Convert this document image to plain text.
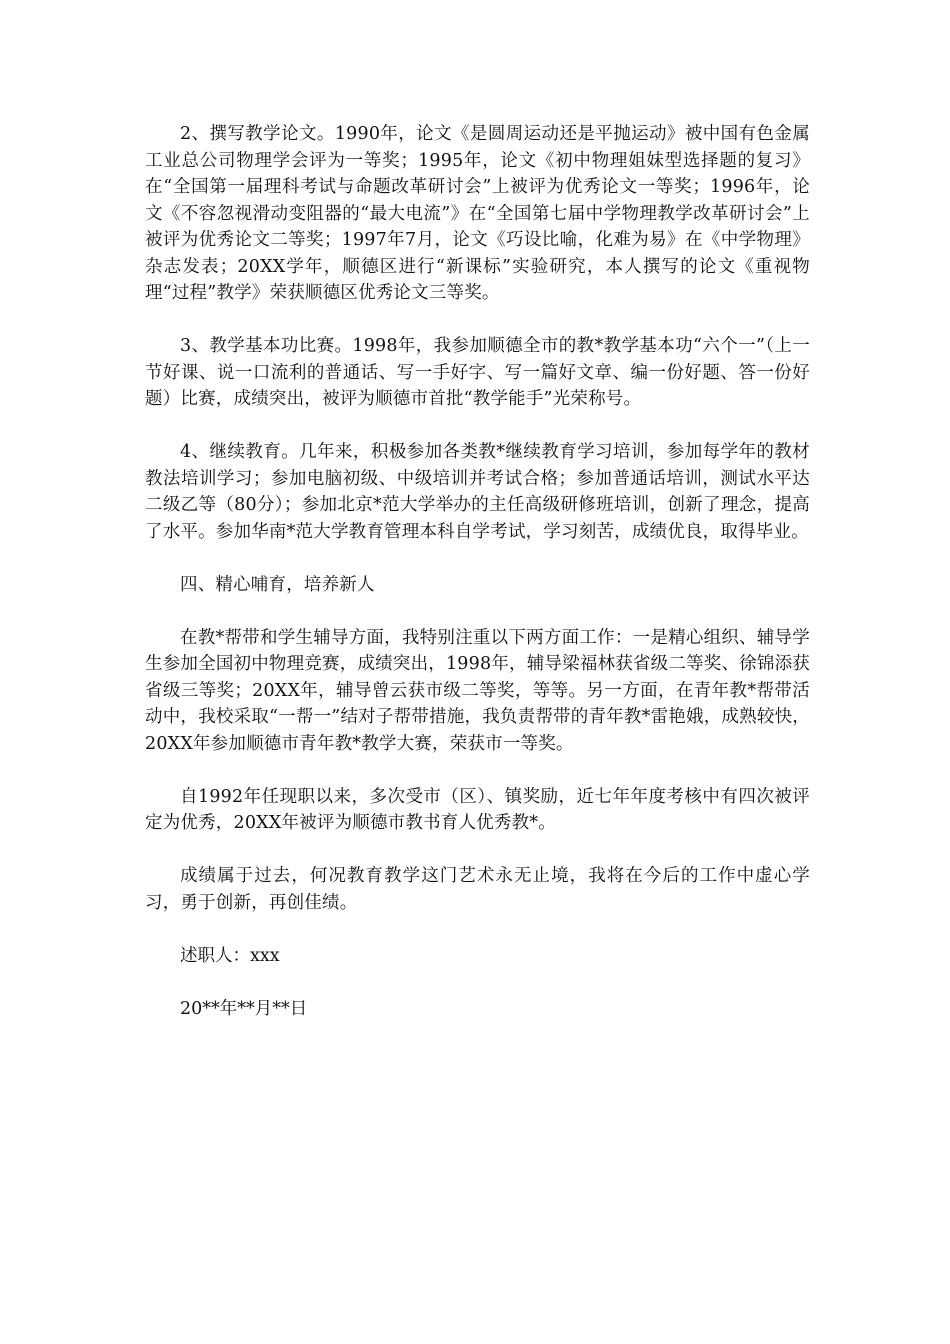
2、撰写教学论文。1990年，论文《是圆周运动还是平抛运动》被中国有色金属工业总公司物理学会评为一等奖；1995年，论文《初中物理姐妹型选择题的复习》在“全国第一届理科考试与命题改革研讨会”上被评为优秀论文一等奖；1996年，论文《不容忽视滑动变阻器的“最大电流”》在“全国第七届中学物理教学改革研讨会”上被评为优秀论文二等奖；1997年7月，论文《巧设比喻，化难为易》在《中学物理》杂志发表；20XX学年，顺德区进行“新课标”实验研究，本人撰写的论文《重视物理“过程”教学》荣获顺德区优秀论文三等奖。

3、教学基本功比赛。1998年，我参加顺德全市的教*教学基本功“六个一”（上一节好课、说一口流利的普通话、写一手好字、写一篇好文章、编一份好题、答一份好题）比赛，成绩突出，被评为顺德市首批“教学能手”光荣称号。

4、继续教育。几年来，积极参加各类教*继续教育学习培训，参加每学年的教材教法培训学习；参加电脑初级、中级培训并考试合格；参加普通话培训，测试水平达二级乙等（80分）；参加北京*范大学举办的主任高级研修班培训，创新了理念，提高了水平。参加华南*范大学教育管理本科自学考试，学习刻苦，成绩优良，取得毕业。

四、精心哺育，培养新人

在教*帮带和学生辅导方面，我特别注重以下两方面工作：一是精心组织、辅导学生参加全国初中物理竞赛，成绩突出，1998年，辅导梁福林获省级二等奖、徐锦添获省级三等奖；20XX年，辅导曾云获市级二等奖，等等。另一方面，在青年教*帮带活动中，我校采取“一帮一”结对子帮带措施，我负责帮带的青年教*雷艳娥，成熟较快，20XX年参加顺德市青年教*教学大赛，荣获市一等奖。

自1992年任现职以来，多次受市（区）、镇奖励，近七年年度考核中有四次被评定为优秀，20XX年被评为顺德市教书育人优秀教*。

成绩属于过去，何况教育教学这门艺术永无止境，我将在今后的工作中虚心学习，勇于创新，再创佳绩。

述职人：xxx

20**年**月**日
